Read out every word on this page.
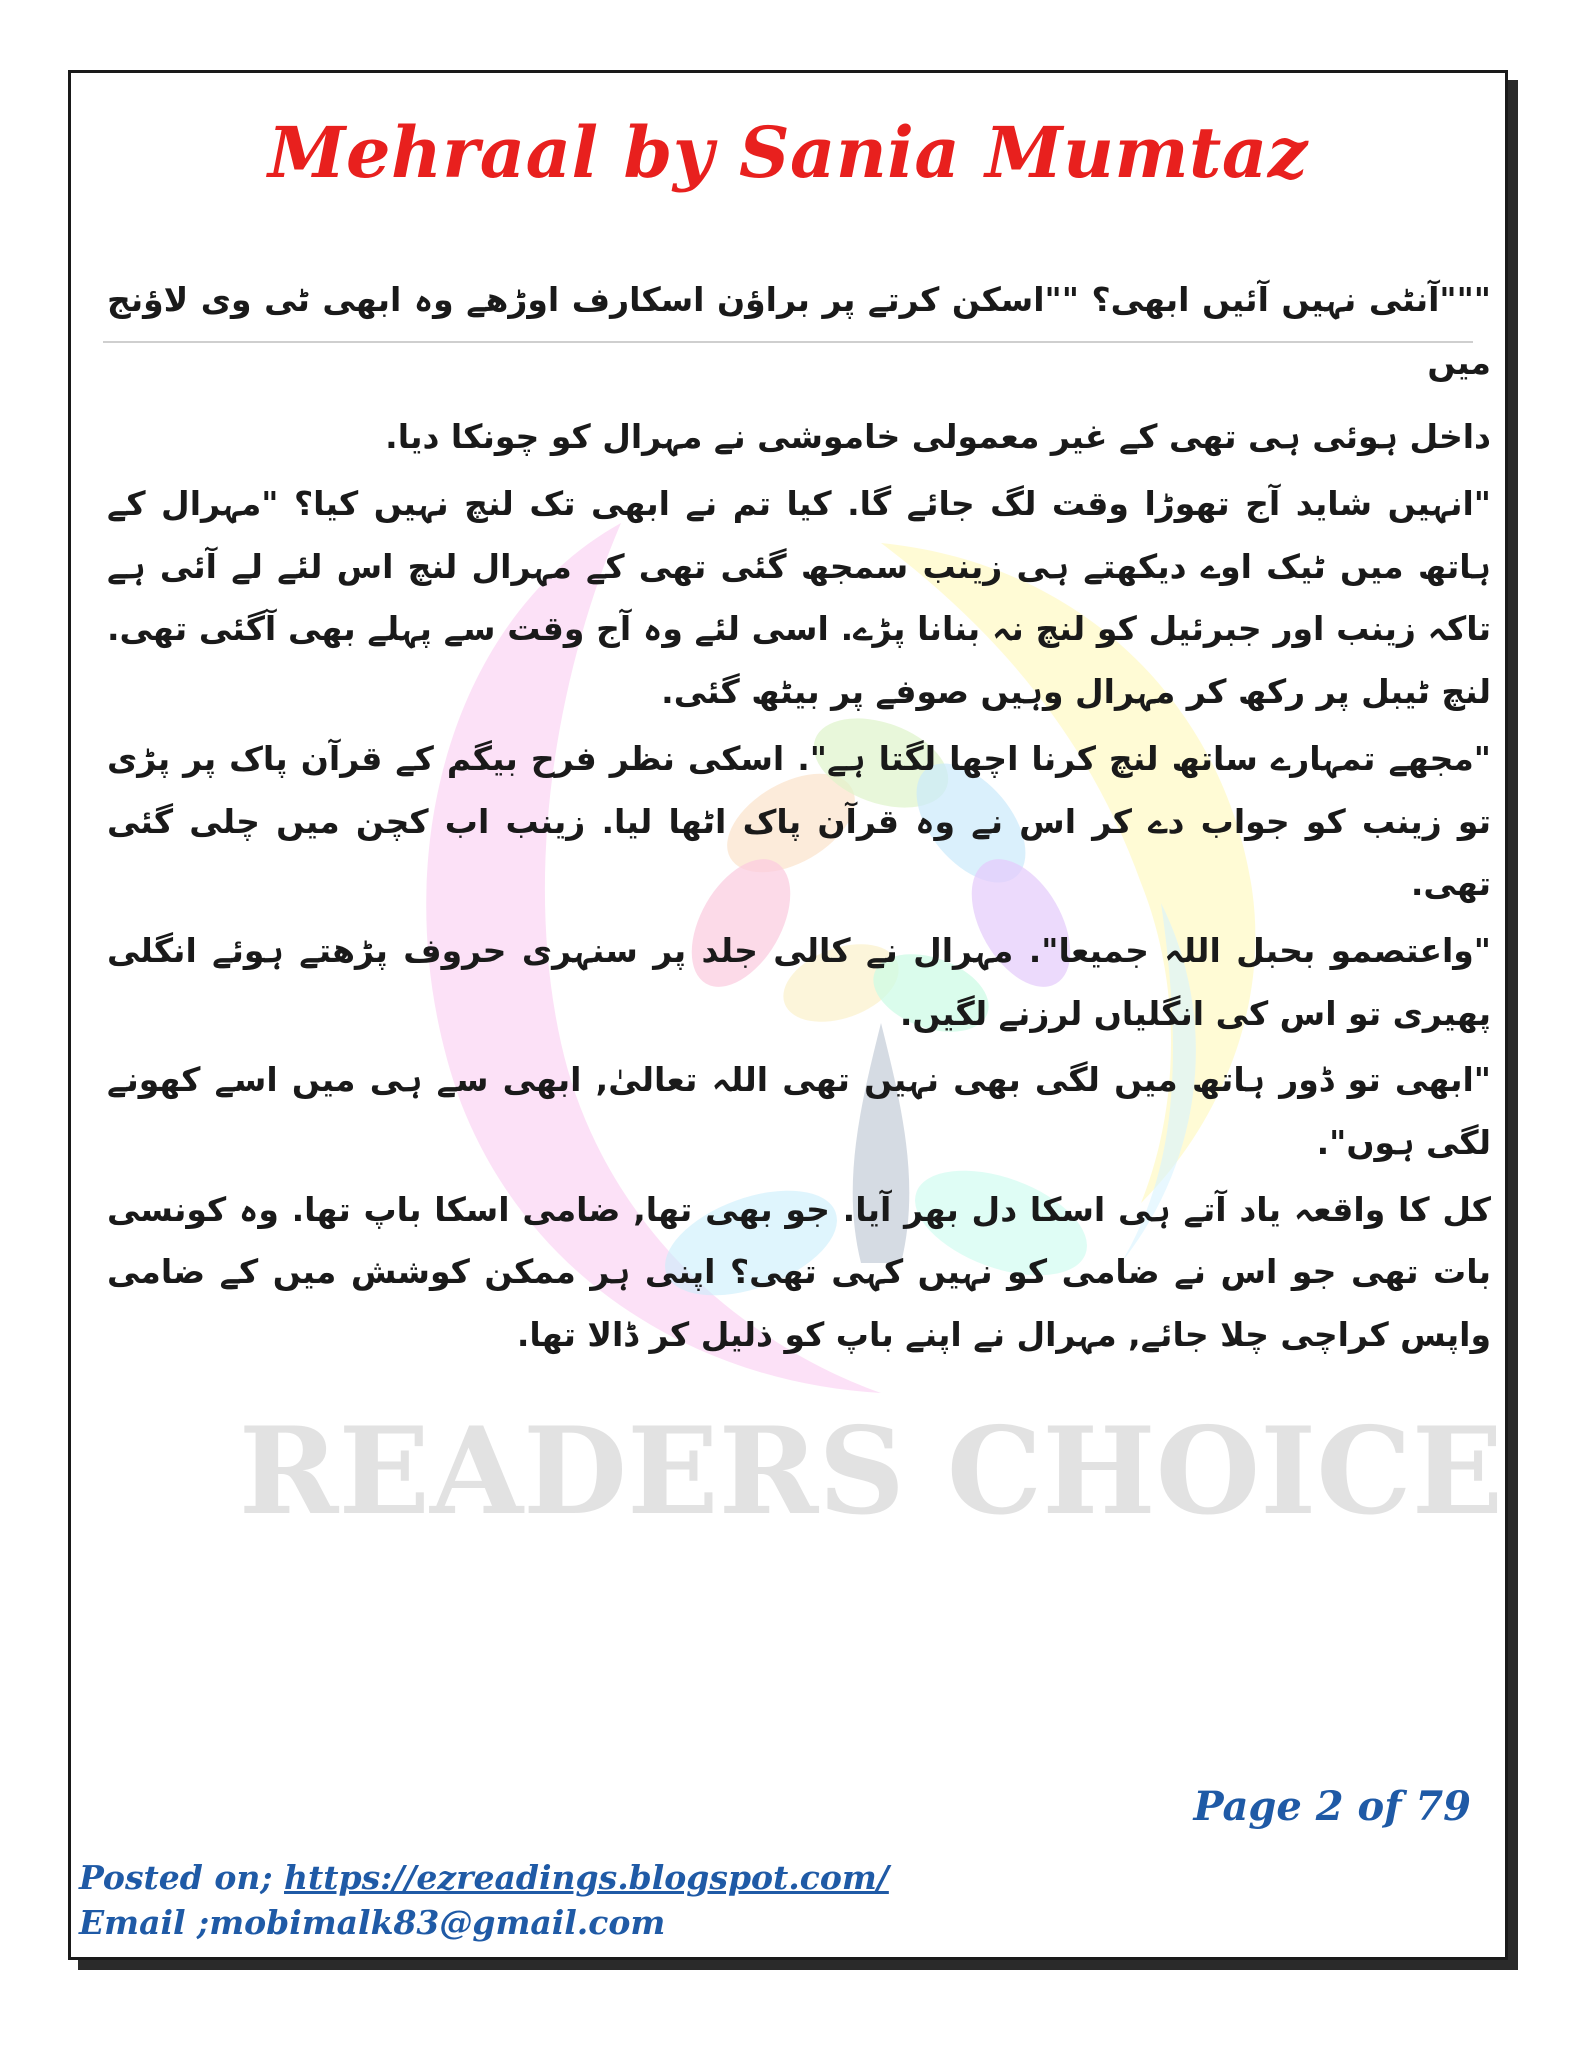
READERS CHOICE
Mehraal by Sania Mumtaz

"""آنٹی نہیں آئیں ابھی؟ ""اسکن کرتے پر براؤن اسکارف اوڑھے وہ ابھی ٹی وی لاؤنج میں

داخل ہوئی ہی تھی کے غیر معمولی خاموشی نے مہرال کو چونکا دیا.

"انہیں شاید آج تھوڑا وقت لگ جائے گا. کیا تم نے ابھی تک لنچ نہیں کیا؟ "مہرال کے ہاتھ میں ٹیک اوے دیکھتے ہی زینب سمجھ گئی تھی کے مہرال لنچ اس لئے لے آئی ہے تاکہ زینب اور جبرئیل کو لنچ نہ بنانا پڑے. اسی لئے وہ آج وقت سے پہلے بھی آگئی تھی. لنچ ٹیبل پر رکھ کر مہرال وہیں صوفے پر بیٹھ گئی.

"مجھے تمہارے ساتھ لنچ کرنا اچھا لگتا ہے". اسکی نظر فرح بیگم کے قرآن پاک پر پڑی تو زینب کو جواب دے کر اس نے وہ قرآن پاک اٹھا لیا. زینب اب کچن میں چلی گئی تھی.

"واعتصمو بحبل اللہ جمیعا". مہرال نے کالی جلد پر سنہری حروف پڑھتے ہوئے انگلی پھیری تو اس کی انگلیاں لرزنے لگیں.

"ابھی تو ڈور ہاتھ میں لگی بھی نہیں تھی اللہ تعالیٰ, ابھی سے ہی میں اسے کھونے لگی ہوں".

کل کا واقعہ یاد آتے ہی اسکا دل بھر آیا. جو بھی تھا, ضامی اسکا باپ تھا. وہ کونسی بات تھی جو اس نے ضامی کو نہیں کہی تھی؟ اپنی ہر ممکن کوشش میں کے ضامی واپس کراچی چلا جائے, مہرال نے اپنے باپ کو ذلیل کر ڈالا تھا.

Page 2 of 79
Posted on; https://ezreadings.blogspot.com/
Email ;mobimalk83@gmail.com
